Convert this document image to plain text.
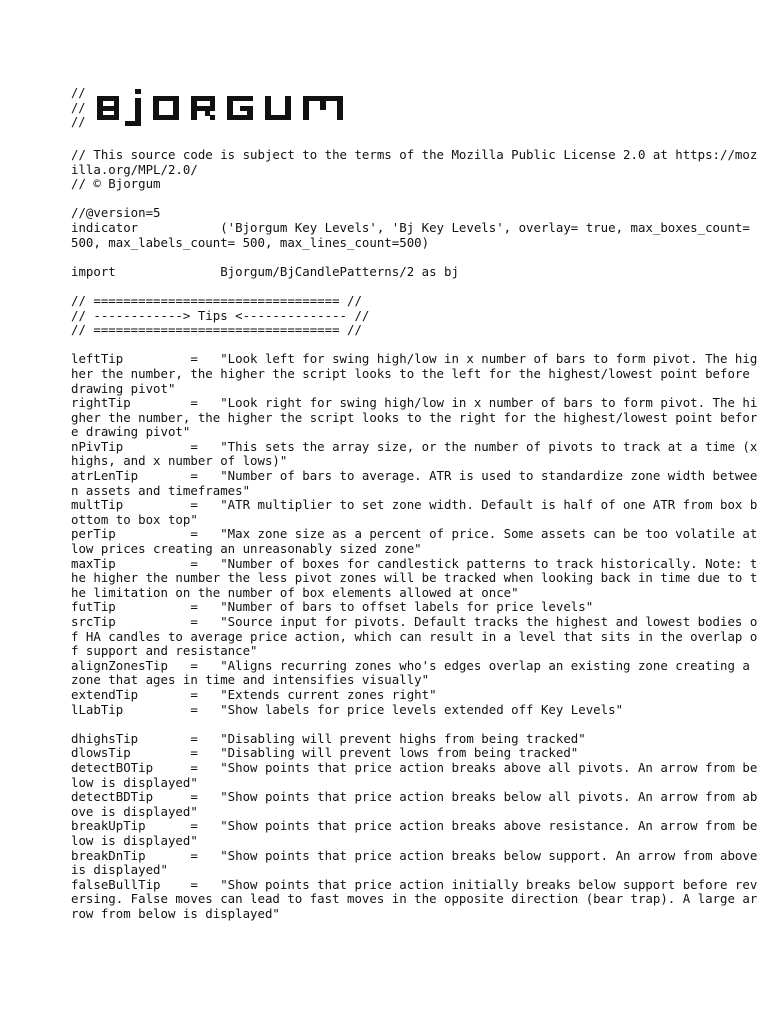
//
//
//
// This source code is subject to the terms of the Mozilla Public License 2.0 at https://mozilla.org/MPL/2.0/
// © Bjorgum
//@version=5
indicator           ('Bjorgum Key Levels', 'Bj Key Levels', overlay= true, max_boxes_count= 500, max_labels_count= 500, max_lines_count=500)
import              Bjorgum/BjCandlePatterns/2 as bj
// ================================= //
// ------------> Tips <-------------- //
// ================================= //
leftTip         =   "Look left for swing high/low in x number of bars to form pivot. The higher the number, the higher the script looks to the left for the highest/lowest point before drawing pivot"
rightTip        =   "Look right for swing high/low in x number of bars to form pivot. The higher the number, the higher the script looks to the right for the highest/lowest point before drawing pivot"
nPivTip         =   "This sets the array size, or the number of pivots to track at a time (x highs, and x number of lows)"
atrLenTip       =   "Number of bars to average. ATR is used to standardize zone width between assets and timeframes"
multTip         =   "ATR multiplier to set zone width. Default is half of one ATR from box bottom to box top"
perTip          =   "Max zone size as a percent of price. Some assets can be too volatile at low prices creating an unreasonably sized zone"
maxTip          =   "Number of boxes for candlestick patterns to track historically. Note: the higher the number the less pivot zones will be tracked when looking back in time due to the limitation on the number of box elements allowed at once"
futTip          =   "Number of bars to offset labels for price levels"
srcTip          =   "Source input for pivots. Default tracks the highest and lowest bodies of HA candles to average price action, which can result in a level that sits in the overlap of support and resistance"
alignZonesTip   =   "Aligns recurring zones who's edges overlap an existing zone creating a zone that ages in time and intensifies visually"
extendTip       =   "Extends current zones right"
lLabTip         =   "Show labels for price levels extended off Key Levels"
dhighsTip       =   "Disabling will prevent highs from being tracked"
dlowsTip        =   "Disabling will prevent lows from being tracked"
detectBOTip     =   "Show points that price action breaks above all pivots. An arrow from below is displayed"
detectBDTip     =   "Show points that price action breaks below all pivots. An arrow from above is displayed"
breakUpTip      =   "Show points that price action breaks above resistance. An arrow from below is displayed"
breakDnTip      =   "Show points that price action breaks below support. An arrow from above is displayed"
falseBullTip    =   "Show points that price action initially breaks below support before reversing. False moves can lead to fast moves in the opposite direction (bear trap). A large arrow from below is displayed"
